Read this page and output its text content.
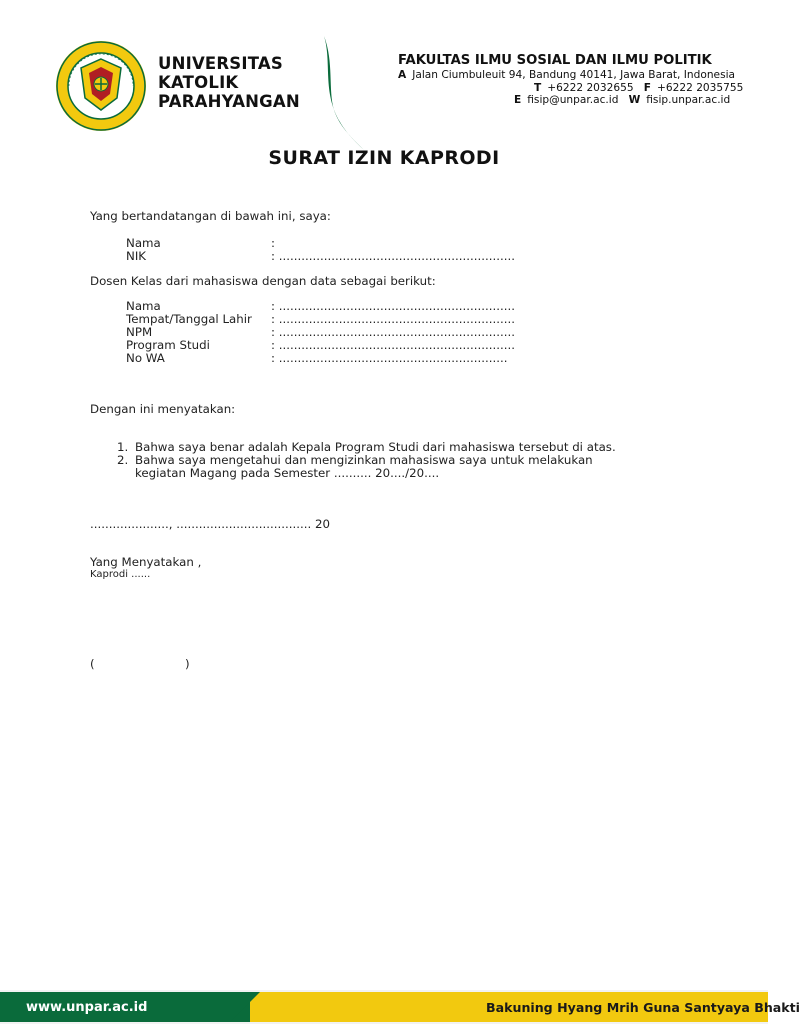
UNIVERSITAS
KATOLIK
PARAHYANGAN
FAKULTAS ILMU SOSIAL DAN ILMU POLITIK
A Jalan Ciumbuleuit 94, Bandung 40141, Jawa Barat, Indonesia
T +6222 2032655 F +6222 2035755
E fisip@unpar.ac.id W fisip.unpar.ac.id
SURAT IZIN KAPRODI
Yang bertandatangan di bawah ini, saya:
Nama	:
NIK	: ...............................................................
Dosen Kelas dari mahasiswa dengan data sebagai berikut:
Nama	: ...............................................................
Tempat/Tanggal Lahir : ...............................................................
NPM	: ...............................................................
Program Studi	: ...............................................................
No WA	: .............................................................
Dengan ini menyatakan:
1. Bahwa saya benar adalah Kepala Program Studi dari mahasiswa tersebut di atas.
2. Bahwa saya mengetahui dan mengizinkan mahasiswa saya untuk melakukan
kegiatan Magang pada Semester .......... 20..../20....
....................., .................................... 20
Yang Menyatakan ,
Kaprodi ......
(	)
www.unpar.ac.id	Bakuning Hyang Mrih Guna Santyaya Bhakti
